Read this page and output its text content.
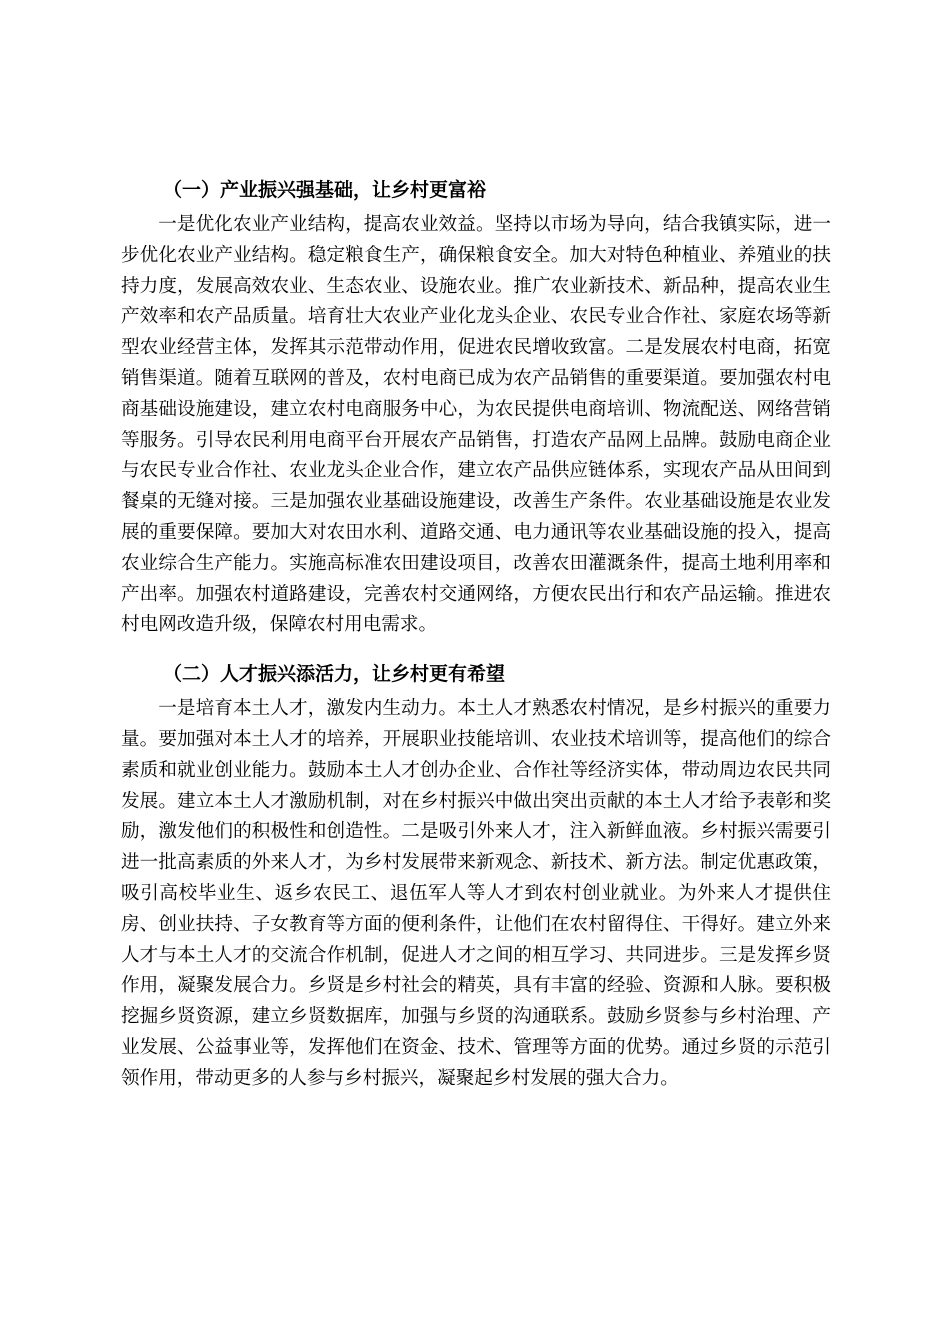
（一）产业振兴强基础，让乡村更富裕

一是优化农业产业结构，提高农业效益。坚持以市场为导向，结合我镇实际，进一步优化农业产业结构。稳定粮食生产，确保粮食安全。加大对特色种植业、养殖业的扶持力度，发展高效农业、生态农业、设施农业。推广农业新技术、新品种，提高农业生产效率和农产品质量。培育壮大农业产业化龙头企业、农民专业合作社、家庭农场等新型农业经营主体，发挥其示范带动作用，促进农民增收致富。二是发展农村电商，拓宽销售渠道。随着互联网的普及，农村电商已成为农产品销售的重要渠道。要加强农村电商基础设施建设，建立农村电商服务中心，为农民提供电商培训、物流配送、网络营销等服务。引导农民利用电商平台开展农产品销售，打造农产品网上品牌。鼓励电商企业与农民专业合作社、农业龙头企业合作，建立农产品供应链体系，实现农产品从田间到餐桌的无缝对接。三是加强农业基础设施建设，改善生产条件。农业基础设施是农业发展的重要保障。要加大对农田水利、道路交通、电力通讯等农业基础设施的投入，提高农业综合生产能力。实施高标准农田建设项目，改善农田灌溉条件，提高土地利用率和产出率。加强农村道路建设，完善农村交通网络，方便农民出行和农产品运输。推进农村电网改造升级，保障农村用电需求。

（二）人才振兴添活力，让乡村更有希望

一是培育本土人才，激发内生动力。本土人才熟悉农村情况，是乡村振兴的重要力量。要加强对本土人才的培养，开展职业技能培训、农业技术培训等，提高他们的综合素质和就业创业能力。鼓励本土人才创办企业、合作社等经济实体，带动周边农民共同发展。建立本土人才激励机制，对在乡村振兴中做出突出贡献的本土人才给予表彰和奖励，激发他们的积极性和创造性。二是吸引外来人才，注入新鲜血液。乡村振兴需要引进一批高素质的外来人才，为乡村发展带来新观念、新技术、新方法。制定优惠政策，吸引高校毕业生、返乡农民工、退伍军人等人才到农村创业就业。为外来人才提供住房、创业扶持、子女教育等方面的便利条件，让他们在农村留得住、干得好。建立外来人才与本土人才的交流合作机制，促进人才之间的相互学习、共同进步。三是发挥乡贤作用，凝聚发展合力。乡贤是乡村社会的精英，具有丰富的经验、资源和人脉。要积极挖掘乡贤资源，建立乡贤数据库，加强与乡贤的沟通联系。鼓励乡贤参与乡村治理、产业发展、公益事业等，发挥他们在资金、技术、管理等方面的优势。通过乡贤的示范引领作用，带动更多的人参与乡村振兴，凝聚起乡村发展的强大合力。
